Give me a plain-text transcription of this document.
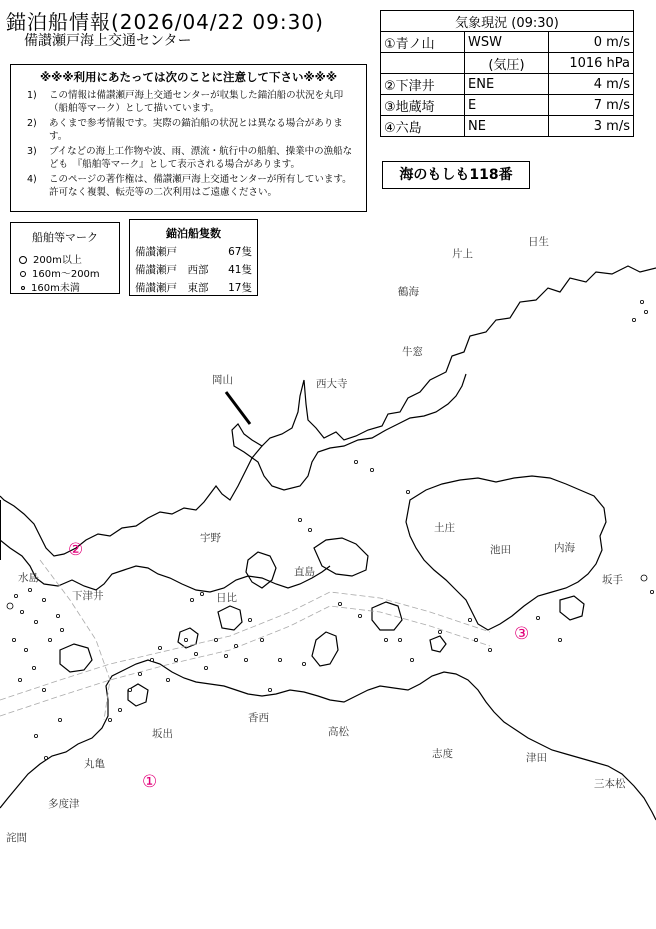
錨泊船情報(2026/04/22 09:30)
備讃瀬戸海上交通センター
※※※利用にあたっては次のことに注意して下さい※※※
1) この情報は備讃瀬戸海上交通センターが収集した錨泊船の状況を丸印（船舶等マーク）として描いています。
2) あくまで参考情報です。実際の錨泊船の状況とは異なる場合があります。
3) ブイなどの海上工作物や波、雨、漂流・航行中の船舶、操業中の漁船なども　『船舶等マーク』として表示される場合があります。
4) このページの著作権は、備讃瀬戸海上交通センターが所有しています。許可なく複製、転売等の二次利用はご遠慮ください。
気象現況 (09:30)		
①青ノ山	WSW	0 m/s
	(気圧)	1016 hPa
②下津井	ENE	4 m/s
③地蔵埼	E	7 m/s
④六島	NE	3 m/s
海のもしも118番
船舶等マーク
200m以上
160m～200m
160m未満
錨泊船隻数
備讃瀬戸	67隻
備讃瀬戸　西部 41隻
備讃瀬戸　東部 17隻
片上
日生
鶴海
牛窓
岡山	西大寺
土庄
池田	内海
坂手
宇野
直島
日比
水島
下津井
坂出
香西
高松
志度	津田
三本松
丸亀
多度津
詫間
①
②
③
